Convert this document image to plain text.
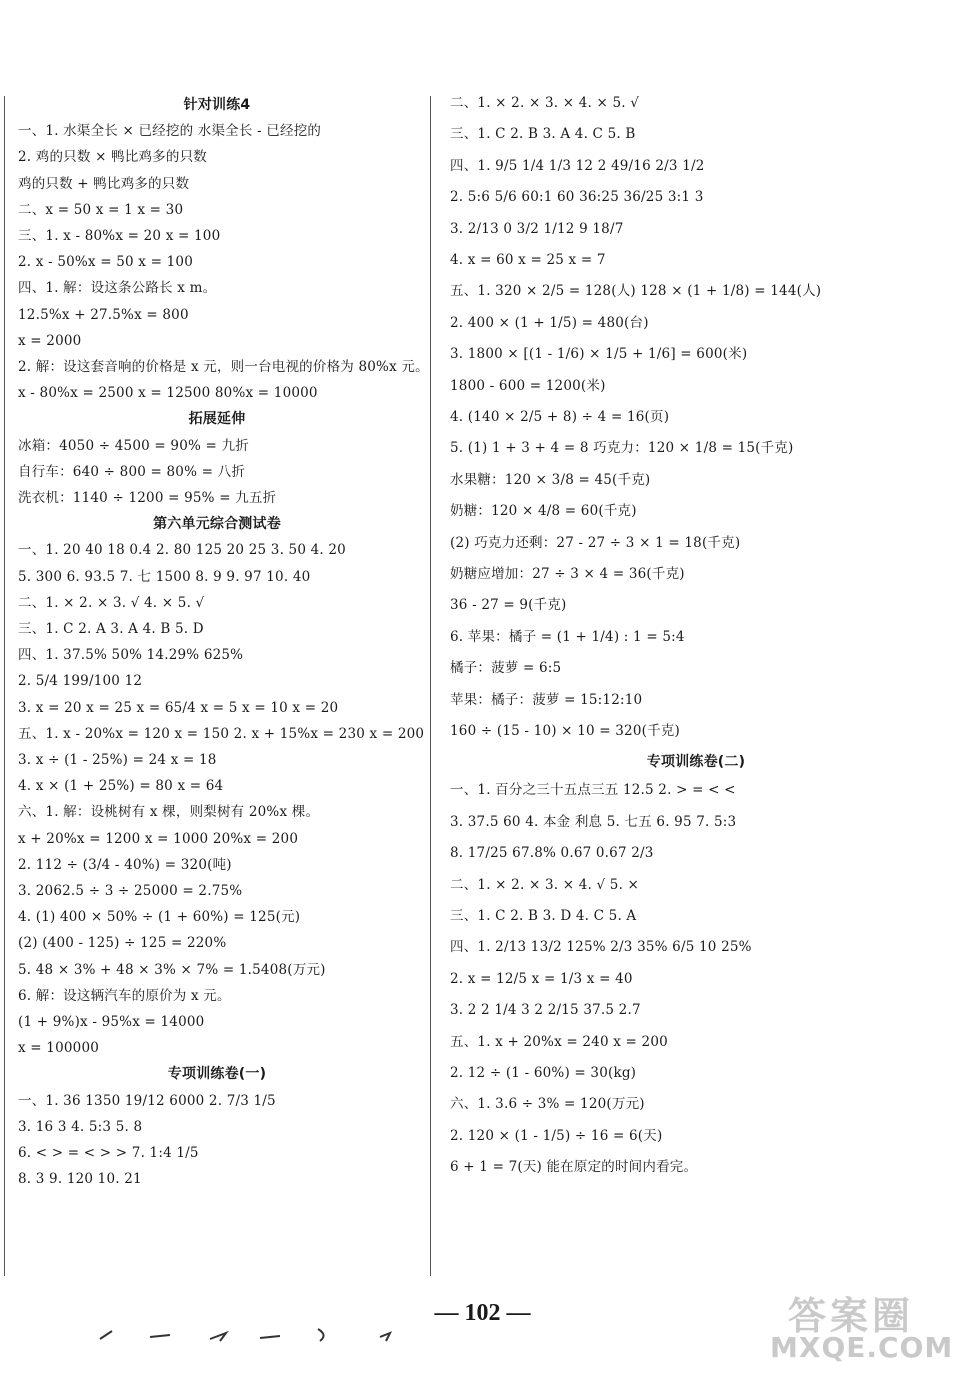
针对训练4
一、1. 水渠全长 × 已经挖的 水渠全长 - 已经挖的
2. 鸡的只数 × 鸭比鸡多的只数
鸡的只数 + 鸭比鸡多的只数
二、x = 50 x = 1 x = 30
三、1. x - 80%x = 20 x = 100
2. x - 50%x = 50 x = 100
四、1. 解：设这条公路长 x m。
12.5%x + 27.5%x = 800
x = 2000
2. 解：设这套音响的价格是 x 元，则一台电视的价格为 80%x 元。
x - 80%x = 2500 x = 12500 80%x = 10000
拓展延伸
冰箱：4050 ÷ 4500 = 90% = 九折
自行车：640 ÷ 800 = 80% = 八折
洗衣机：1140 ÷ 1200 = 95% = 九五折
第六单元综合测试卷
一、1. 20 40 18 0.4 2. 80 125 20 25 3. 50 4. 20
5. 300 6. 93.5 7. 七 1500 8. 9 9. 97 10. 40
二、1. × 2. × 3. √ 4. × 5. √
三、1. C 2. A 3. A 4. B 5. D
四、1. 37.5% 50% 14.29% 625%
2. 5/4 199/100 12
3. x = 20 x = 25 x = 65/4 x = 5 x = 10 x = 20
五、1. x - 20%x = 120 x = 150 2. x + 15%x = 230 x = 200
3. x ÷ (1 - 25%) = 24 x = 18
4. x × (1 + 25%) = 80 x = 64
六、1. 解：设桃树有 x 棵，则梨树有 20%x 棵。
x + 20%x = 1200 x = 1000 20%x = 200
2. 112 ÷ (3/4 - 40%) = 320(吨)
3. 2062.5 ÷ 3 ÷ 25000 = 2.75%
4. (1) 400 × 50% ÷ (1 + 60%) = 125(元)
(2) (400 - 125) ÷ 125 = 220%
5. 48 × 3% + 48 × 3% × 7% = 1.5408(万元)
6. 解：设这辆汽车的原价为 x 元。
(1 + 9%)x - 95%x = 14000
x = 100000
专项训练卷(一)
一、1. 36 1350 19/12 6000 2. 7/3 1/5
3. 16 3 4. 5:3 5. 8
6. < > = < > > 7. 1:4 1/5
8. 3 9. 120 10. 21
二、1. × 2. × 3. × 4. × 5. √
三、1. C 2. B 3. A 4. C 5. B
四、1. 9/5 1/4 1/3 12 2 49/16 2/3 1/2
2. 5:6 5/6 60:1 60 36:25 36/25 3:1 3
3. 2/13 0 3/2 1/12 9 18/7
4. x = 60 x = 25 x = 7
五、1. 320 × 2/5 = 128(人) 128 × (1 + 1/8) = 144(人)
2. 400 × (1 + 1/5) = 480(台)
3. 1800 × [(1 - 1/6) × 1/5 + 1/6] = 600(米)
1800 - 600 = 1200(米)
4. (140 × 2/5 + 8) ÷ 4 = 16(页)
5. (1) 1 + 3 + 4 = 8 巧克力：120 × 1/8 = 15(千克)
水果糖：120 × 3/8 = 45(千克)
奶糖：120 × 4/8 = 60(千克)
(2) 巧克力还剩：27 - 27 ÷ 3 × 1 = 18(千克)
奶糖应增加：27 ÷ 3 × 4 = 36(千克)
36 - 27 = 9(千克)
6. 苹果：橘子 = (1 + 1/4) : 1 = 5:4
橘子：菠萝 = 6:5
苹果：橘子：菠萝 = 15:12:10
160 ÷ (15 - 10) × 10 = 320(千克)
专项训练卷(二)
一、1. 百分之三十五点三五 12.5 2. > = < <
3. 37.5 60 4. 本金 利息 5. 七五 6. 95 7. 5:3
8. 17/25 67.8% 0.67 0.67 2/3
二、1. × 2. × 3. × 4. √ 5. ×
三、1. C 2. B 3. D 4. C 5. A
四、1. 2/13 13/2 125% 2/3 35% 6/5 10 25%
2. x = 12/5 x = 1/3 x = 40
3. 2 2 1/4 3 2 2/15 37.5 2.7
五、1. x + 20%x = 240 x = 200
2. 12 ÷ (1 - 60%) = 30(kg)
六、1. 3.6 ÷ 3% = 120(万元)
2. 120 × (1 - 1/5) ÷ 16 = 6(天)
6 + 1 = 7(天) 能在原定的时间内看完。
— 102 —	答案圈
MXQE.COM
